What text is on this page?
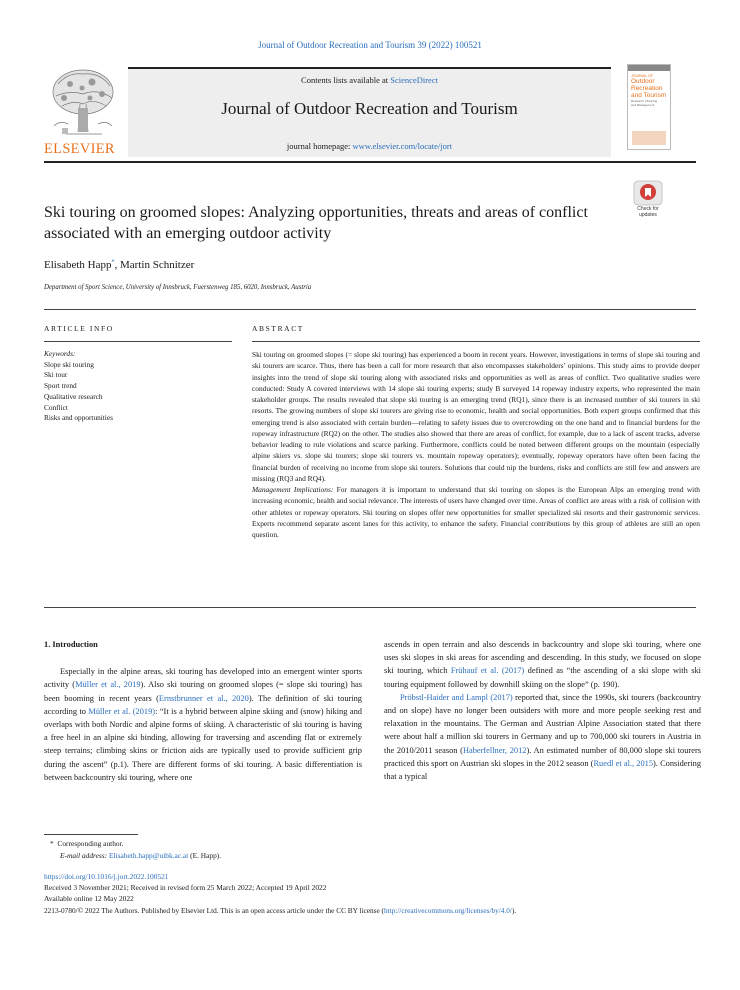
Journal of Outdoor Recreation and Tourism 39 (2022) 100521
ELSEVIER
Contents lists available at ScienceDirect
Journal of Outdoor Recreation and Tourism
journal homepage: www.elsevier.com/locate/jort
JOURNAL OF
Outdoor
Recreation
and Tourism
Research, Planning
and Management
Check for updates
Ski touring on groomed slopes: Analyzing opportunities, threats and areas of conflict associated with an emerging outdoor activity
Elisabeth Happ*, Martin Schnitzer
Department of Sport Science, University of Innsbruck, Fuerstenweg 185, 6020, Innsbruck, Austria
ARTICLE INFO	ABSTRACT
Keywords:
Slope ski touring
Ski tour
Sport trend
Qualitative research
Conflict
Risks and opportunities
Ski touring on groomed slopes (= slope ski touring) has experienced a boom in recent years. However, investigations in terms of slope ski touring and ski tourers are scarce. Thus, there has been a call for more research that also encompasses stakeholders’ opinions. This study aims to provide deeper insights into the trend of slope ski touring along with associated risks and opportunities as well as areas of conflict. Two qualitative studies were conducted: Study A covered interviews with 14 slope ski touring experts; study B surveyed 14 ropeway industry experts, who represented the main stakeholder groups. The results revealed that slope ski touring is an emerging trend (RQ1), since there is an increased number of ski tourers in ski resorts. The growing numbers of slope ski tourers are giving rise to economic, health and social opportunities. Both expert groups confirmed that this emerging trend is also associated with certain burden—relating to safety issues due to overcrowding on the one hand and to financial burdens for the ropeway infrastructure (RQ2) on the other. The studies also showed that there are areas of conflict, for example, due to a lack of ascent tracks, adverse behavior leading to rule violations and scarce parking. Furthermore, conflicts could be noted between different groups on the mountain (especially alpine skiers vs. slope ski tourers; slope ski tourers vs. mountain ropeway operators); eventually, ropeway operators have often been facing the financial burden of receiving no income from slope ski tourers. Solutions that could nip the burdens, risks and conflicts are still few and answers are missing (RQ3 and RQ4).
Management Implications: For managers it is important to understand that ski touring on slopes is the European Alps an emerging trend with increasing economic, health and social relevance. The interests of users have changed over time. Areas of conflict are areas with a risk of collision with other athletes or ropeway operators. Ski touring on slopes offer new opportunities for smaller specialized ski resorts and their gastronomic services. Experts recommend separate ascent lanes for this activity, to enhance the safety. Financial contributions by this group of athletes are still an open question.

1. Introduction

Especially in the alpine areas, ski touring has developed into an emergent winter sports activity (Müller et al., 2019). Also ski touring on groomed slopes (= slope ski touring) has been booming in recent years (Ernstbrunner et al., 2020). The definition of ski touring according to Müller et al. (2019): “It is a hybrid between alpine skiing and (snow) hiking and overlaps with both Nordic and alpine forms of skiing. A characteristic of ski touring is having a free heel in an alpine ski binding, allowing for traversing and ascending flat or extremely steep terrains; climbing skins or friction aids are typically used to provide sufficient grip during the ascent” (p.1). There are different forms of ski touring. A basic differentiation is between backcountry ski touring, where one

ascends in open terrain and also descends in backcountry and slope ski touring, where one uses ski slopes in ski areas for ascending and descending. In this study, we focused on slope ski touring, which Frühauf et al. (2017) defined as “the ascending of a ski slope with ski touring equipment followed by downhill skiing on the slope” (p. 190).

Pröbstl-Haider and Lampl (2017) reported that, since the 1990s, ski tourers (backcountry and on slope) have no longer been outsiders with more and more people seeking rest and relaxation in the mountains. The German and Austrian Alpine Association stated that there were about half a million ski tourers in Germany and up to 700,000 ski tourers in Austria in the 2010/2011 season (Haberfellner, 2012). An estimated number of 80,000 slope ski tourers practiced this sport on Austrian ski slopes in the 2012 season (Ruedl et al., 2015). Considering that a typical

* Corresponding author.
E-mail address: Elisabeth.happ@uibk.ac.at (E. Happ).
https://doi.org/10.1016/j.jort.2022.100521
Received 3 November 2021; Received in revised form 25 March 2022; Accepted 19 April 2022
Available online 12 May 2022
2213-0780/© 2022 The Authors. Published by Elsevier Ltd. This is an open access article under the CC BY license (http://creativecommons.org/licenses/by/4.0/).
